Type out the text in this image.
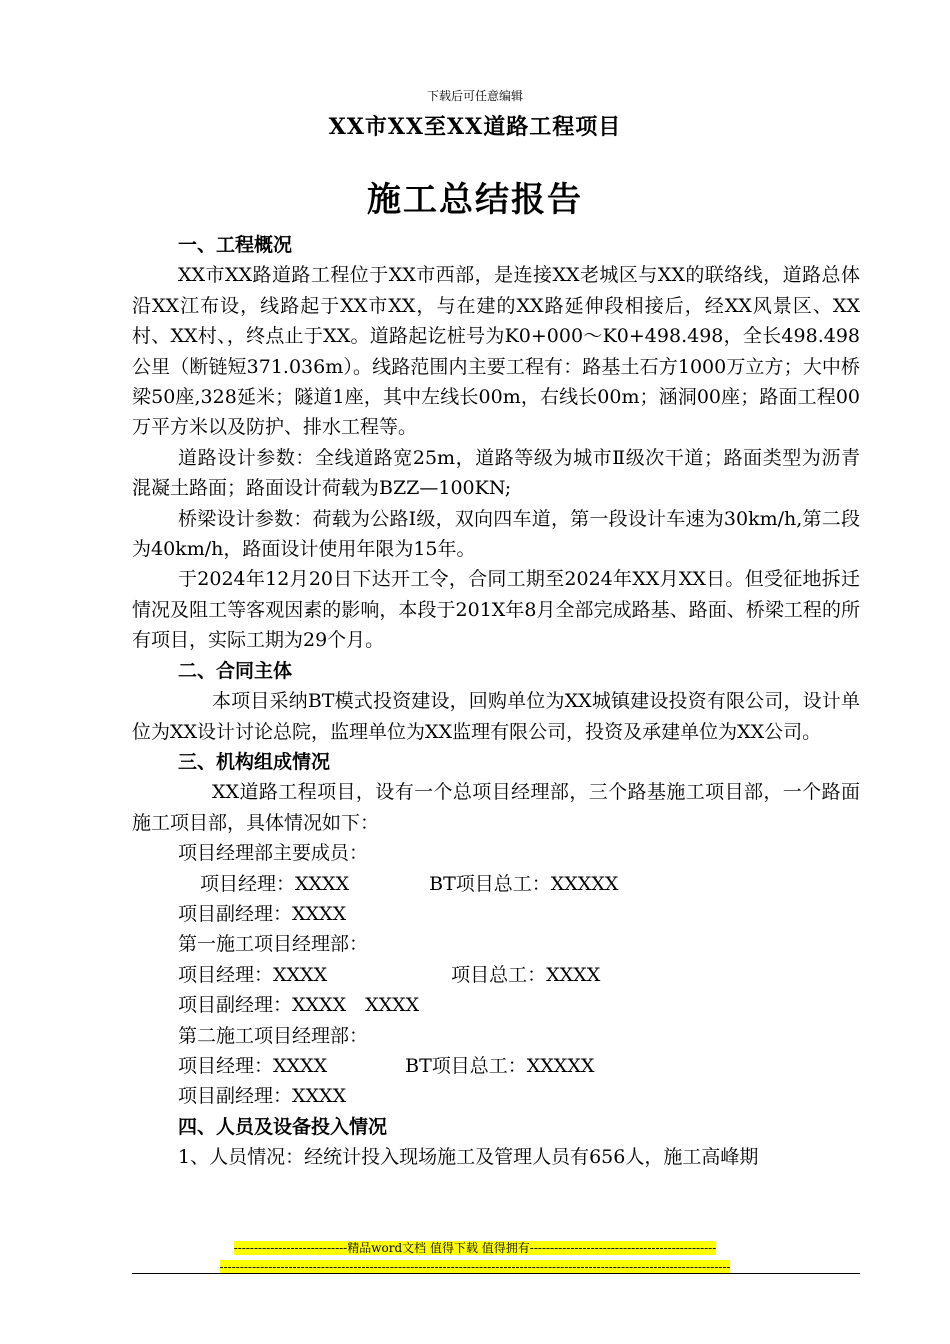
下载后可任意编辑
XX市XX至XX道路工程项目
施工总结报告

一、工程概况

XX市XX路道路工程位于XX市西部，是连接XX老城区与XX的联络线，道路总体沿XX江布设，线路起于XX市XX，与在建的XX路延伸段相接后，经XX风景区、XX村、XX村、，终点止于XX。道路起讫桩号为K0+000～K0+498.498，全长498.498公里（断链短371.036m）。线路范围内主要工程有：路基土石方1000万立方；大中桥梁50座,328延米；隧道1座，其中左线长00m，右线长00m；涵洞00座；路面工程00万平方米以及防护、排水工程等。

道路设计参数：全线道路宽25m，道路等级为城市Ⅱ级次干道；路面类型为沥青混凝土路面；路面设计荷载为BZZ—100KN;

桥梁设计参数：荷载为公路Ⅰ级，双向四车道，第一段设计车速为30km/h,第二段为40km/h，路面设计使用年限为15年。

于2024年12月20日下达开工令，合同工期至2024年XX月XX日。但受征地拆迁情况及阻工等客观因素的影响，本段于201X年8月全部完成路基、路面、桥梁工程的所有项目，实际工期为29个月。

二、合同主体

本项目采纳BT模式投资建设，回购单位为XX城镇建设投资有限公司，设计单位为XX设计讨论总院，监理单位为XX监理有限公司，投资及承建单位为XX公司。

三、机构组成情况

XX道路工程项目，设有一个总项目经理部，三个路基施工项目部，一个路面施工项目部，具体情况如下：

项目经理部主要成员：

项目经理：XXXX	BT项目总工：XXXXX

项目副经理：XXXX

第一施工项目经理部：

项目经理：XXXX	项目总工：XXXX

项目副经理：XXXX　XXXX

第二施工项目经理部：

项目经理：XXXX	BT项目总工：XXXXX

项目副经理：XXXX

四、人员及设备投入情况

1、人员情况：经统计投入现场施工及管理人员有656人，施工高峰期

----------------------------精品word文档 值得下载 值得拥有----------------------------------------------
------------------------------------------------------------------------------------------------------------------------------
